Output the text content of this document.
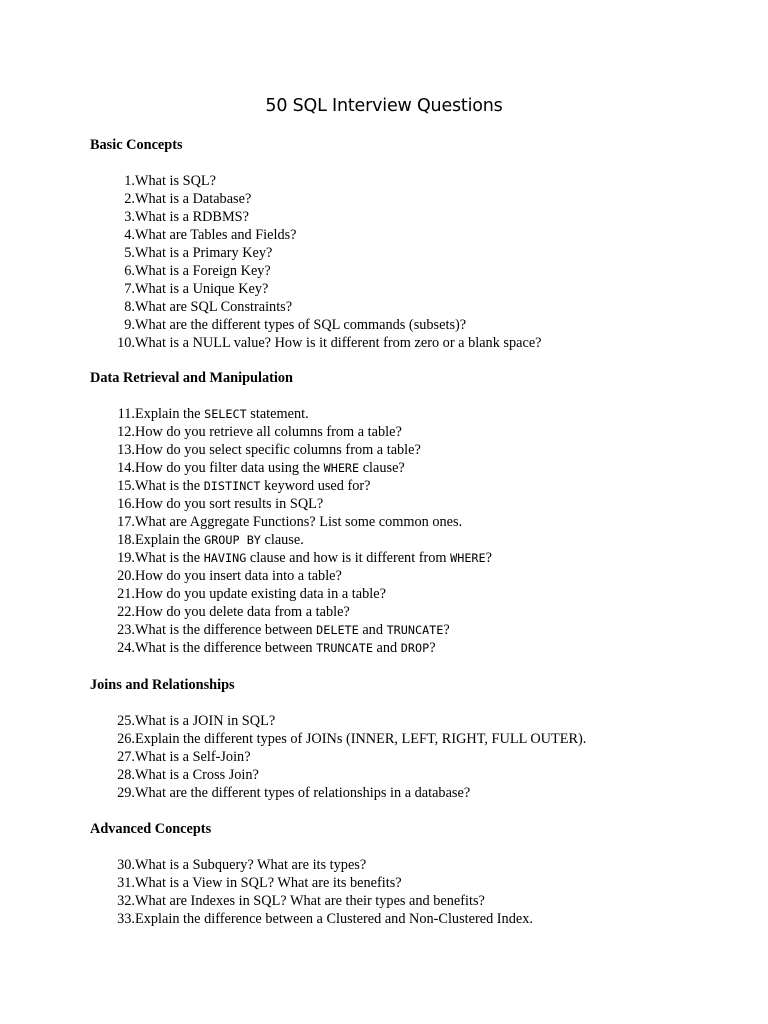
50 SQL Interview Questions
Basic Concepts
1. What is SQL?
2. What is a Database?
3. What is a RDBMS?
4. What are Tables and Fields?
5. What is a Primary Key?
6. What is a Foreign Key?
7. What is a Unique Key?
8. What are SQL Constraints?
9. What are the different types of SQL commands (subsets)?
10. What is a NULL value? How is it different from zero or a blank space?
Data Retrieval and Manipulation
11. Explain the SELECT statement.
12. How do you retrieve all columns from a table?
13. How do you select specific columns from a table?
14. How do you filter data using the WHERE clause?
15. What is the DISTINCT keyword used for?
16. How do you sort results in SQL?
17. What are Aggregate Functions? List some common ones.
18. Explain the GROUP BY clause.
19. What is the HAVING clause and how is it different from WHERE?
20. How do you insert data into a table?
21. How do you update existing data in a table?
22. How do you delete data from a table?
23. What is the difference between DELETE and TRUNCATE?
24. What is the difference between TRUNCATE and DROP?
Joins and Relationships
25. What is a JOIN in SQL?
26. Explain the different types of JOINs (INNER, LEFT, RIGHT, FULL OUTER).
27. What is a Self-Join?
28. What is a Cross Join?
29. What are the different types of relationships in a database?
Advanced Concepts
30. What is a Subquery? What are its types?
31. What is a View in SQL? What are its benefits?
32. What are Indexes in SQL? What are their types and benefits?
33. Explain the difference between a Clustered and Non-Clustered Index.
